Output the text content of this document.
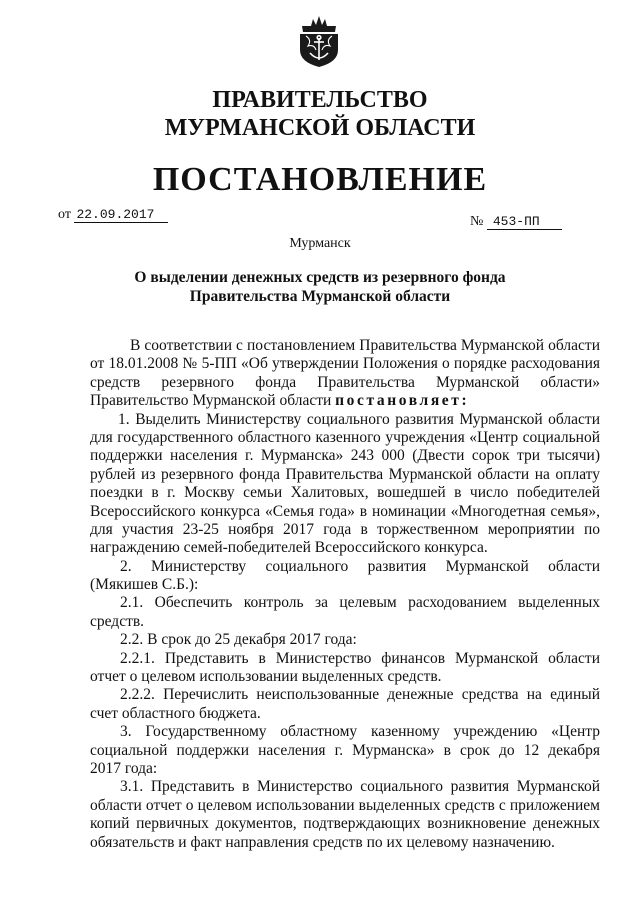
ПРАВИТЕЛЬСТВО
МУРМАНСКОЙ ОБЛАСТИ
ПОСТАНОВЛЕНИЕ
от 22.09.2017	№ 453-ПП
Мурманск
О выделении денежных средств из резервного фонда
Правительства Мурманской области
В соответствии с постановлением Правительства Мурманской области
от 18.01.2008 № 5-ПП «Об утверждении Положения о порядке расходования
средств резервного фонда Правительства Мурманской области»
Правительство Мурманской области постановляет:
1. Выделить Министерству социального развития Мурманской области
для государственного областного казенного учреждения «Центр социальной
поддержки населения г. Мурманска» 243 000 (Двести сорок три тысячи)
рублей из резервного фонда Правительства Мурманской области на оплату
поездки в г. Москву семьи Халитовых, вошедшей в число победителей
Всероссийского конкурса «Семья года» в номинации «Многодетная семья»,
для участия 23-25 ноября 2017 года в торжественном мероприятии по
награждению семей-победителей Всероссийского конкурса.
2. Министерству социального развития Мурманской области
(Мякишев С.Б.):
2.1. Обеспечить контроль за целевым расходованием выделенных
средств.
2.2. В срок до 25 декабря 2017 года:
2.2.1. Представить в Министерство финансов Мурманской области
отчет о целевом использовании выделенных средств.
2.2.2. Перечислить неиспользованные денежные средства на единый
счет областного бюджета.
3. Государственному областному казенному учреждению «Центр
социальной поддержки населения г. Мурманска» в срок до 12 декабря
2017 года:
3.1. Представить в Министерство социального развития Мурманской
области отчет о целевом использовании выделенных средств с приложением
копий первичных документов, подтверждающих возникновение денежных
обязательств и факт направления средств по их целевому назначению.
